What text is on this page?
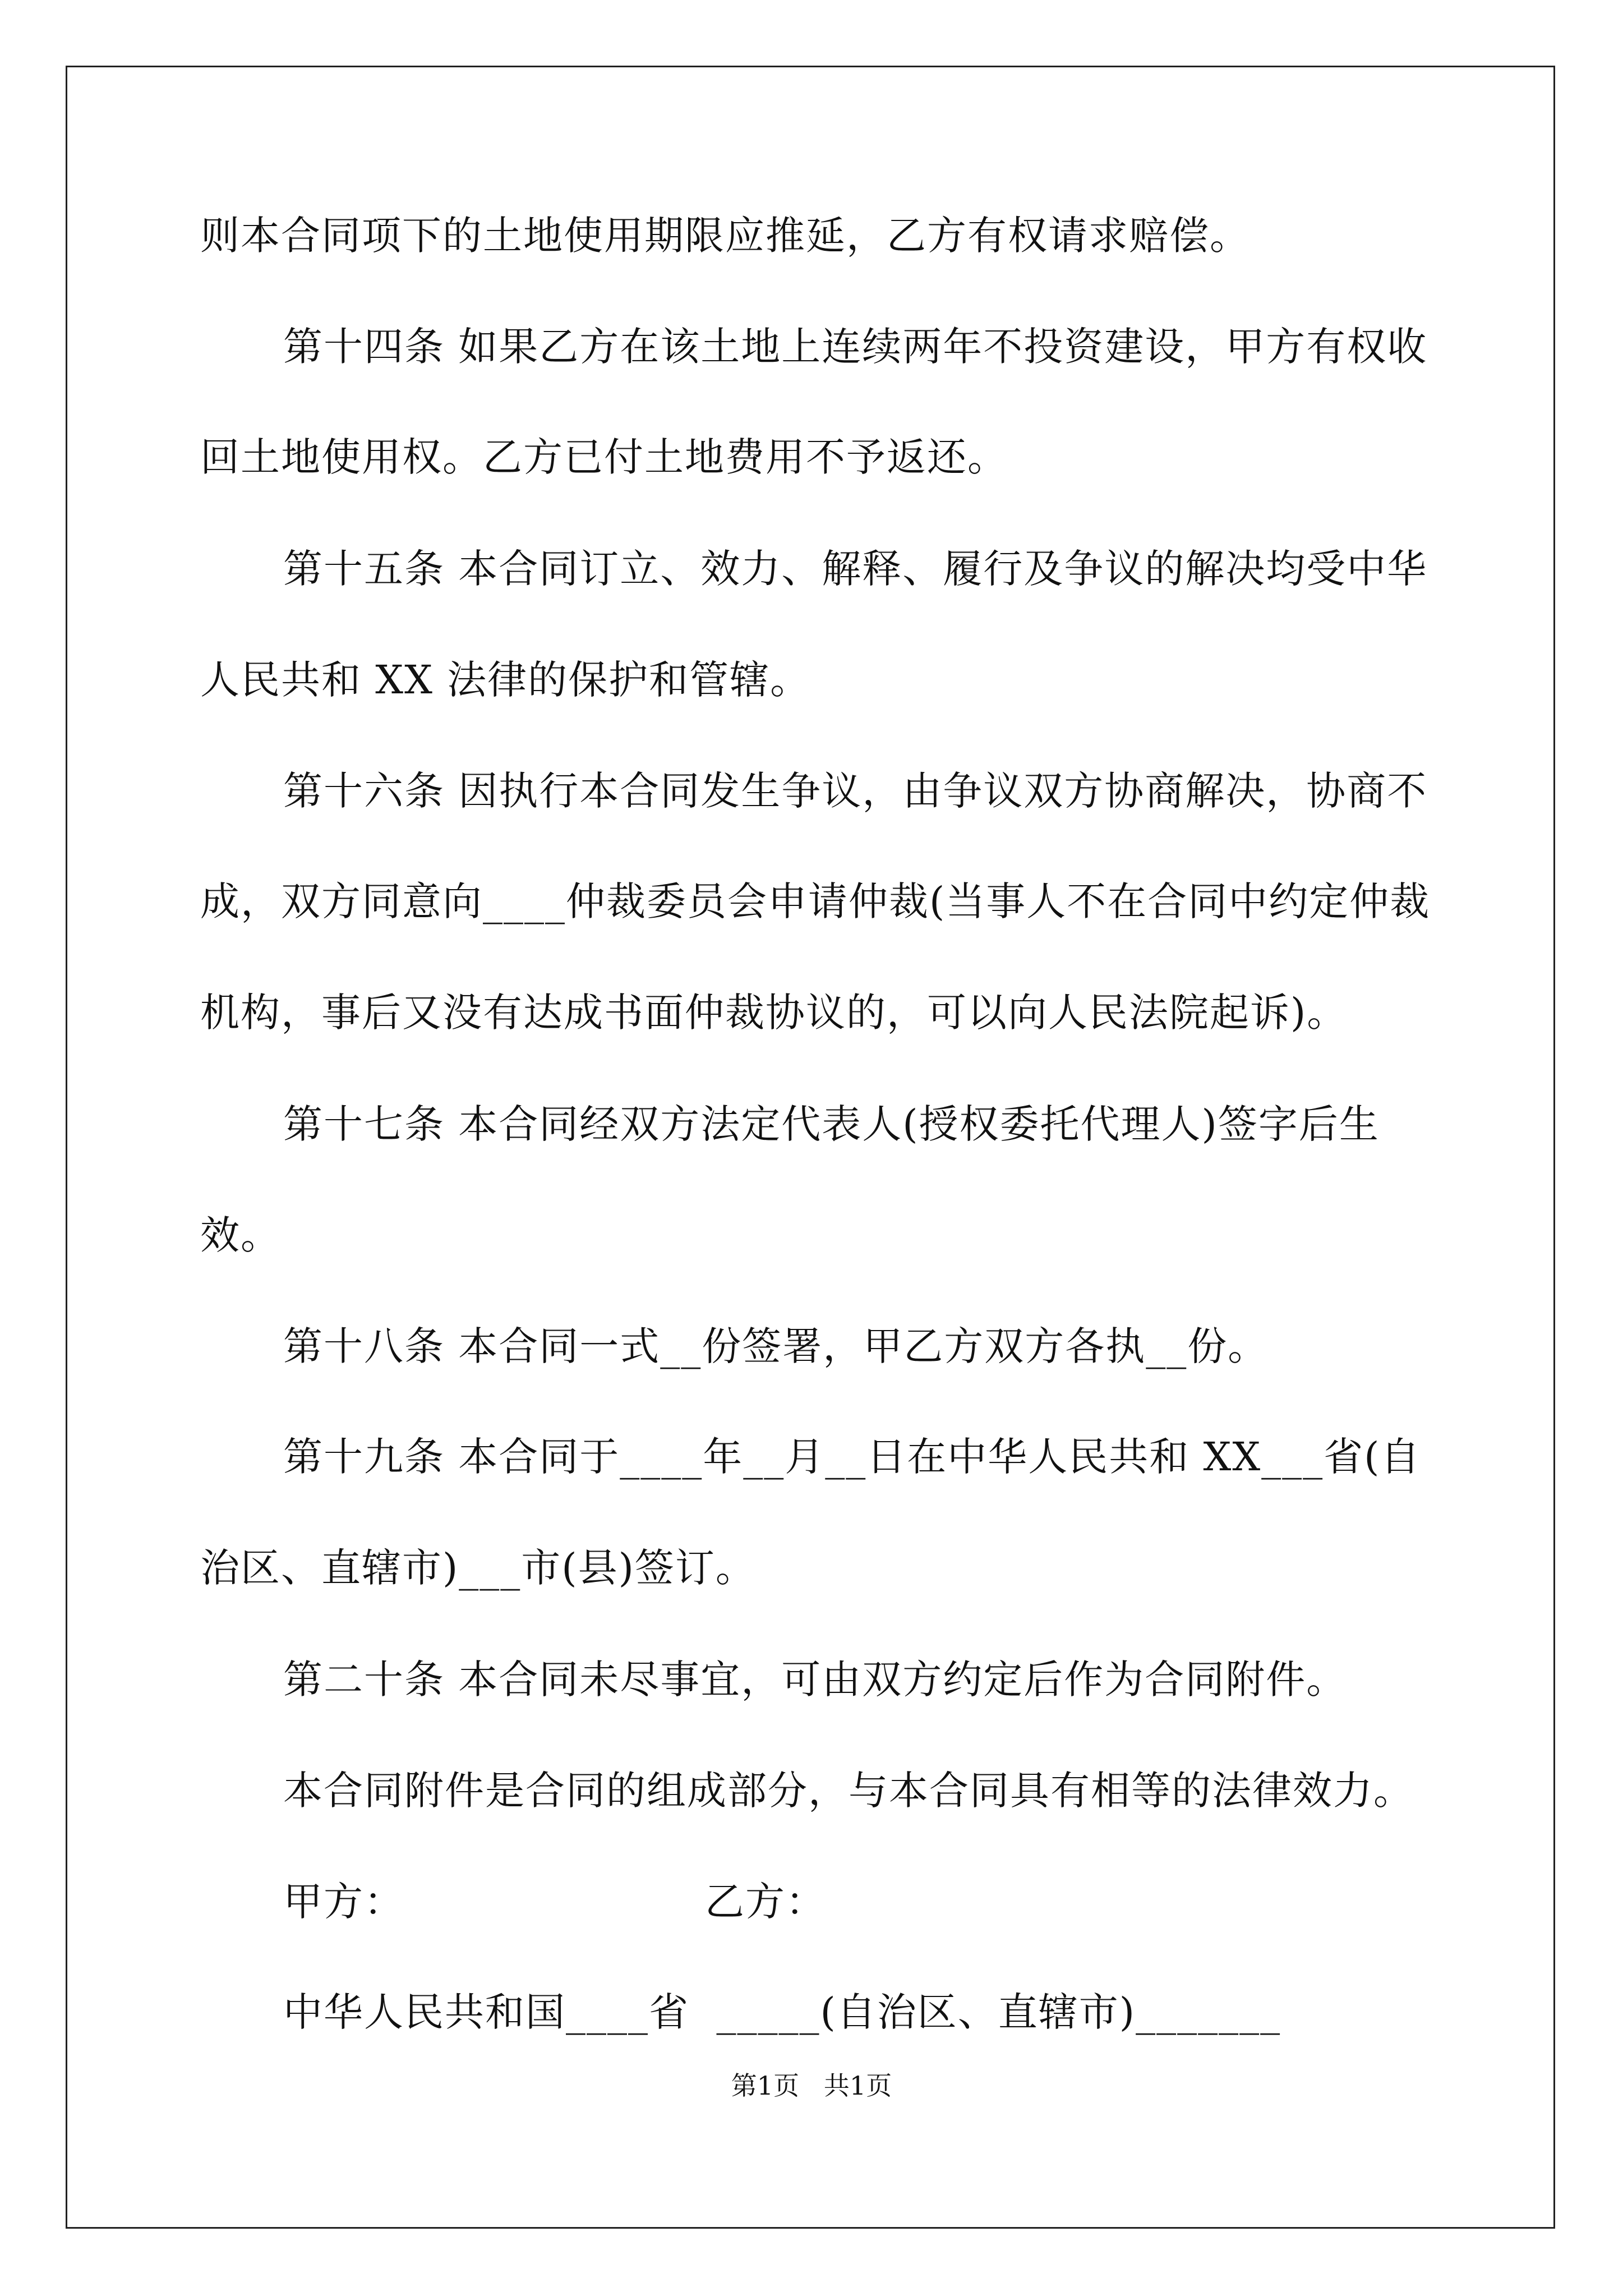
则本合同项下的土地使用期限应推延，乙方有权请求赔偿。
第十四条 如果乙方在该土地上连续两年不投资建设，甲方有权收
回土地使用权。乙方已付土地费用不予返还。
第十五条 本合同订立、效力、解释、履行及争议的解决均受中华
人民共和 XX 法律的保护和管辖。
第十六条 因执行本合同发生争议，由争议双方协商解决，协商不
成，双方同意向____仲裁委员会申请仲裁(当事人不在合同中约定仲裁
机构，事后又没有达成书面仲裁协议的，可以向人民法院起诉)。
第十七条 本合同经双方法定代表人(授权委托代理人)签字后生
效。
第十八条 本合同一式__份签署，甲乙方双方各执__份。
第十九条 本合同于____年__月__日在中华人民共和 XX___省(自
治区、直辖市)___市(县)签订。
第二十条 本合同未尽事宜，可由双方约定后作为合同附件。
本合同附件是合同的组成部分，与本合同具有相等的法律效力。
甲方：	乙方：
中华人民共和国____省  _____(自治区、直辖市)_______
第1页   共1页
